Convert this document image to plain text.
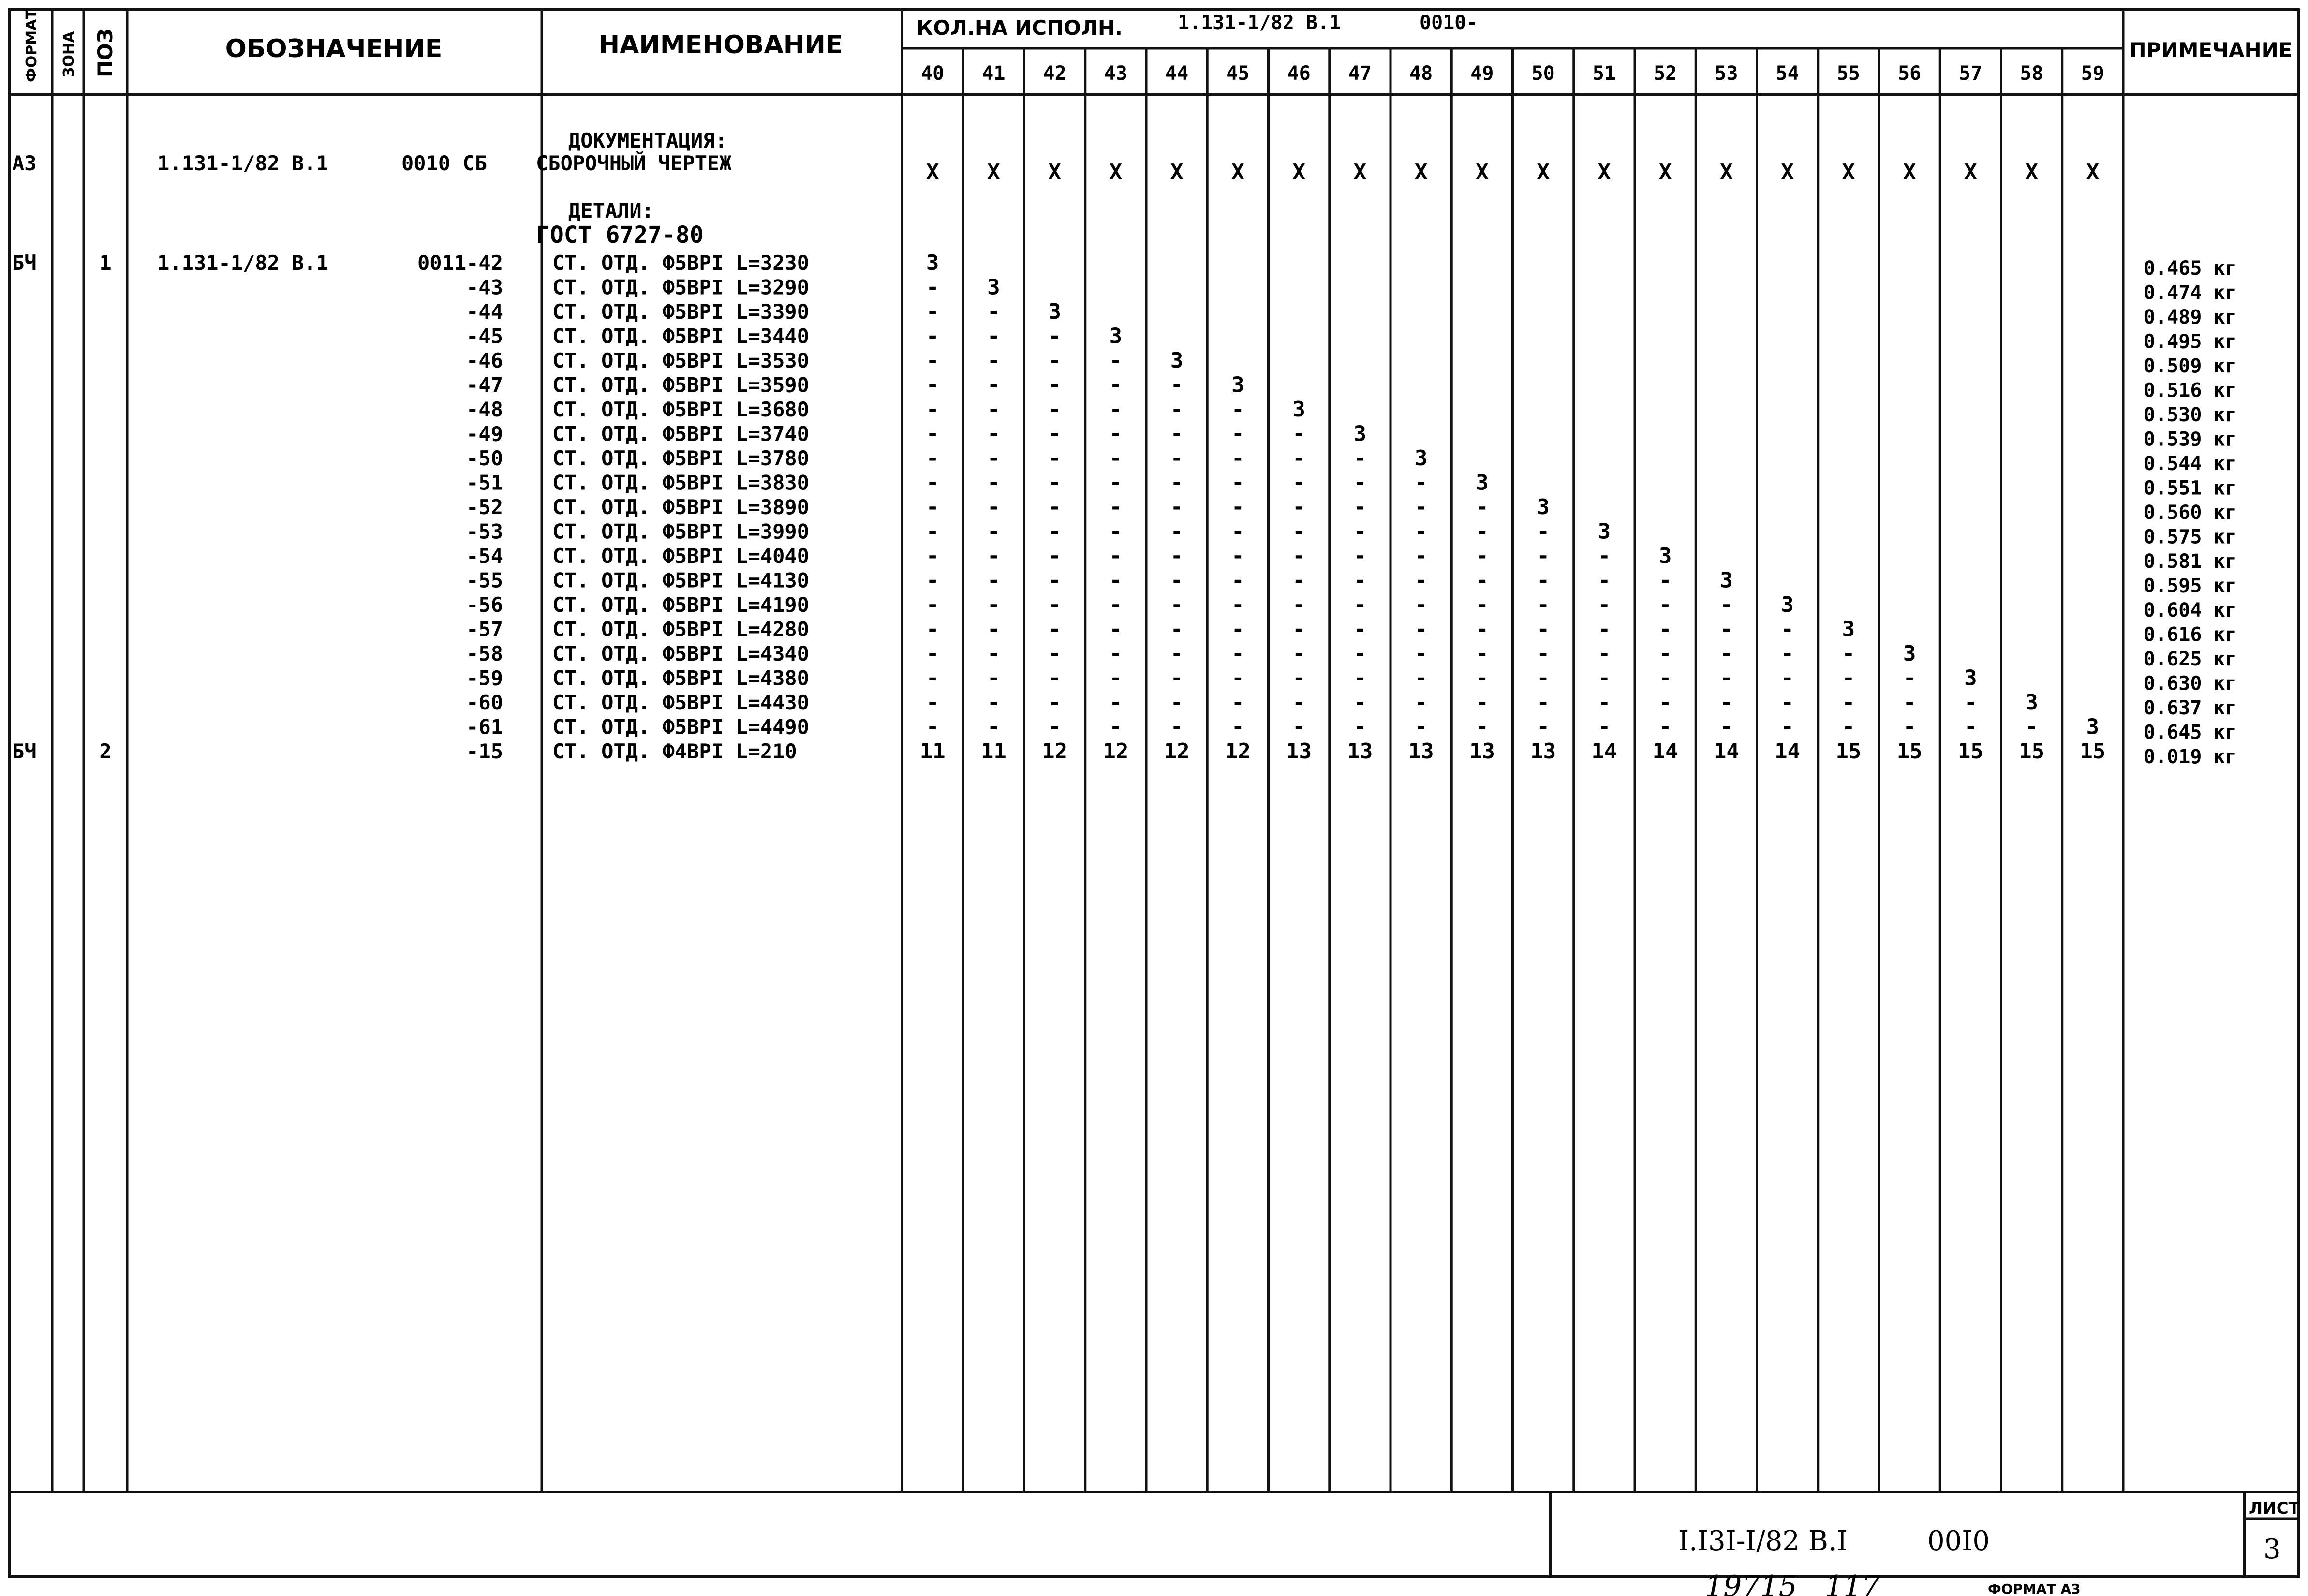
ФОРМАТ ЗОНА ПОЗ	ОБОЗНАЧЕНИЕ	НАИМЕНОВАНИЕ
КОЛ.НА ИСПОЛН.	1.131-1/82 В.1	0010-
ПРИМЕЧАНИЕ
40 41 42 43 44 45 46 47 48 49 50 51 52 53 54 55 56 57 58 59
А3	1.131-1/82 В.1	0010 СБ
ДОКУМЕНТАЦИЯ:
СБОРОЧНЫЙ ЧЕРТЕЖ	X X X X X X X X X X X X X X X X X X X X
ДЕТАЛИ:
ГОСТ 6727-80
БЧ	1 1.131-1/82 В.1	0011-42 СТ. ОТД. Ф5ВРI L=3230	3	0.465 кг
-43 СТ. ОТД. Ф5ВРI L=3290	- 3	0.474 кг
-44 СТ. ОТД. Ф5ВРI L=3390	- - 3	0.489 кг
-45 СТ. ОТД. Ф5ВРI L=3440	- - - 3	0.495 кг
-46 СТ. ОТД. Ф5ВРI L=3530	- - - - 3	0.509 кг
-47 СТ. ОТД. Ф5ВРI L=3590	- - - - - 3	0.516 кг
-48 СТ. ОТД. Ф5ВРI L=3680	- - - - - - 3	0.530 кг
-49 СТ. ОТД. Ф5ВРI L=3740	- - - - - - - 3	0.539 кг
-50 СТ. ОТД. Ф5ВРI L=3780	- - - - - - - - 3	0.544 кг
-51 СТ. ОТД. Ф5ВРI L=3830	- - - - - - - - - 3	0.551 кг
-52 СТ. ОТД. Ф5ВРI L=3890	- - - - - - - - - - 3	0.560 кг
-53 СТ. ОТД. Ф5ВРI L=3990	- - - - - - - - - - - 3	0.575 кг
-54 СТ. ОТД. Ф5ВРI L=4040	- - - - - - - - - - - - 3	0.581 кг
-55 СТ. ОТД. Ф5ВРI L=4130	- - - - - - - - - - - - - 3	0.595 кг
-56 СТ. ОТД. Ф5ВРI L=4190	- - - - - - - - - - - - - - 3	0.604 кг
-57 СТ. ОТД. Ф5ВРI L=4280	- - - - - - - - - - - - - - - 3	0.616 кг
-58 СТ. ОТД. Ф5ВРI L=4340	- - - - - - - - - - - - - - - - 3	0.625 кг
-59 СТ. ОТД. Ф5ВРI L=4380	- - - - - - - - - - - - - - - - - 3	0.630 кг
-60 СТ. ОТД. Ф5ВРI L=4430	- - - - - - - - - - - - - - - - - - 3	0.637 кг
-61 СТ. ОТД. Ф5ВРI L=4490	- - - - - - - - - - - - - - - - - - - 3 0.645 кг
БЧ	2	-15 СТ. ОТД. Ф4ВРI L=210	11 11 12 12 12 12 13 13 13 13 13 14 14 14 14 15 15 15 15 15 0.019 кг
I.I3I-I/82 В.I	00I0
ЛИСТ
3
19715   117	ФОРМАТ А3
